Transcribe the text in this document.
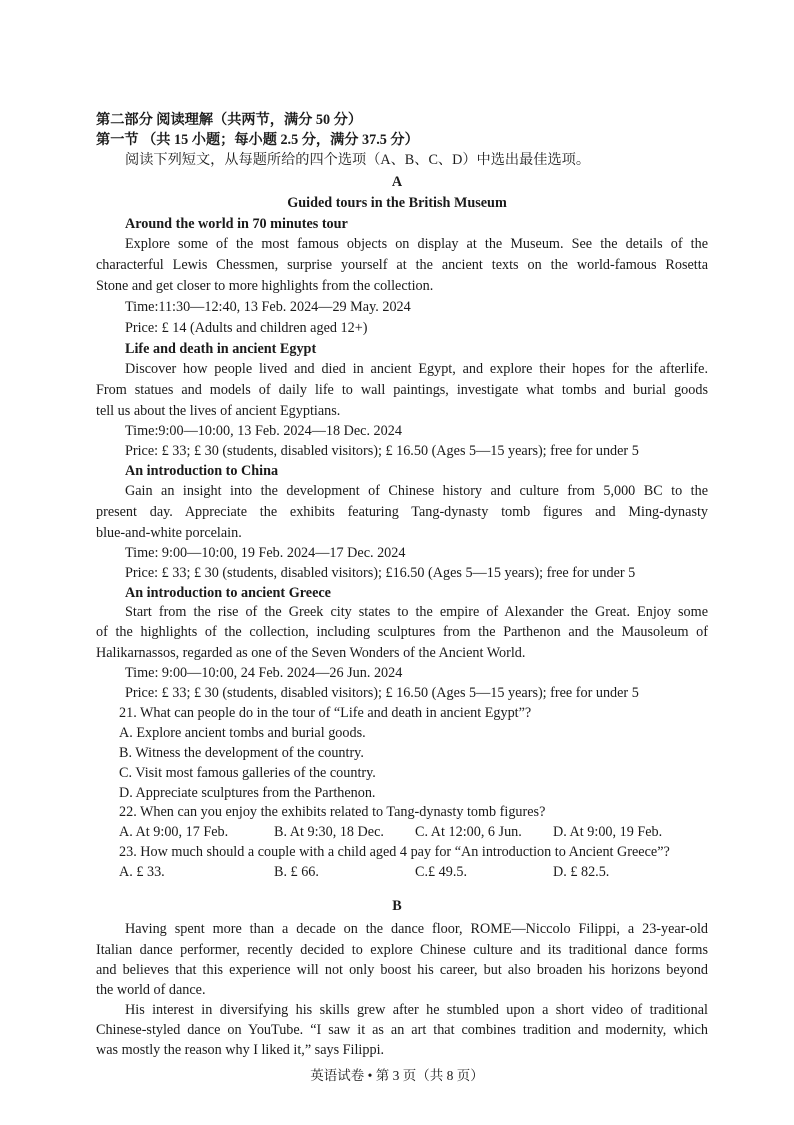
第二部分 阅读理解（共两节，满分 50 分）
第一节 （共 15 小题；每小题 2.5 分，满分 37.5 分）
阅读下列短文，从每题所给的四个选项（A、B、C、D）中选出最佳选项。
A
Guided tours in the British Museum
Around the world in 70 minutes tour
Explore some of the most famous objects on display at the Museum. See the details of the
characterful Lewis Chessmen, surprise yourself at the ancient texts on the world-famous Rosetta
Stone and get closer to more highlights from the collection.
Time:11:30—12:40, 13 Feb. 2024—29 May. 2024
Price: £ 14 (Adults and children aged 12+)
Life and death in ancient Egypt
Discover how people lived and died in ancient Egypt, and explore their hopes for the afterlife.
From statues and models of daily life to wall paintings, investigate what tombs and burial goods
tell us about the lives of ancient Egyptians.
Time:9:00—10:00, 13 Feb. 2024—18 Dec. 2024
Price: £ 33; £ 30 (students, disabled visitors); £ 16.50 (Ages 5—15 years); free for under 5
An introduction to China
Gain an insight into the development of Chinese history and culture from 5,000 BC to the
present day. Appreciate the exhibits featuring Tang-dynasty tomb figures and Ming-dynasty
blue-and-white porcelain.
Time: 9:00—10:00, 19 Feb. 2024—17 Dec. 2024
Price: £ 33; £ 30 (students, disabled visitors); £16.50 (Ages 5—15 years); free for under 5
An introduction to ancient Greece
Start from the rise of the Greek city states to the empire of Alexander the Great. Enjoy some
of the highlights of the collection, including sculptures from the Parthenon and the Mausoleum of
Halikarnassos, regarded as one of the Seven Wonders of the Ancient World.
Time: 9:00—10:00, 24 Feb. 2024—26 Jun. 2024
Price: £ 33; £ 30 (students, disabled visitors); £ 16.50 (Ages 5—15 years); free for under 5
21. What can people do in the tour of “Life and death in ancient Egypt”?
A. Explore ancient tombs and burial goods.
B. Witness the development of the country.
C. Visit most famous galleries of the country.
D. Appreciate sculptures from the Parthenon.
22. When can you enjoy the exhibits related to Tang-dynasty tomb figures?
A. At 9:00, 17 Feb.	B. At 9:30, 18 Dec. C. At 12:00, 6 Jun. D. At 9:00, 19 Feb.
23. How much should a couple with a child aged 4 pay for “An introduction to Ancient Greece”?
A. £ 33.	B. £ 66.	C.£ 49.5.	D. £ 82.5.
B
Having spent more than a decade on the dance floor, ROME—Niccolo Filippi, a 23-year-old
Italian dance performer, recently decided to explore Chinese culture and its traditional dance forms
and believes that this experience will not only boost his career, but also broaden his horizons beyond
the world of dance.
His interest in diversifying his skills grew after he stumbled upon a short video of traditional
Chinese-styled dance on YouTube. “I saw it as an art that combines tradition and modernity, which
was mostly the reason why I liked it,” says Filippi.
英语试卷 • 第 3 页（共 8 页）
